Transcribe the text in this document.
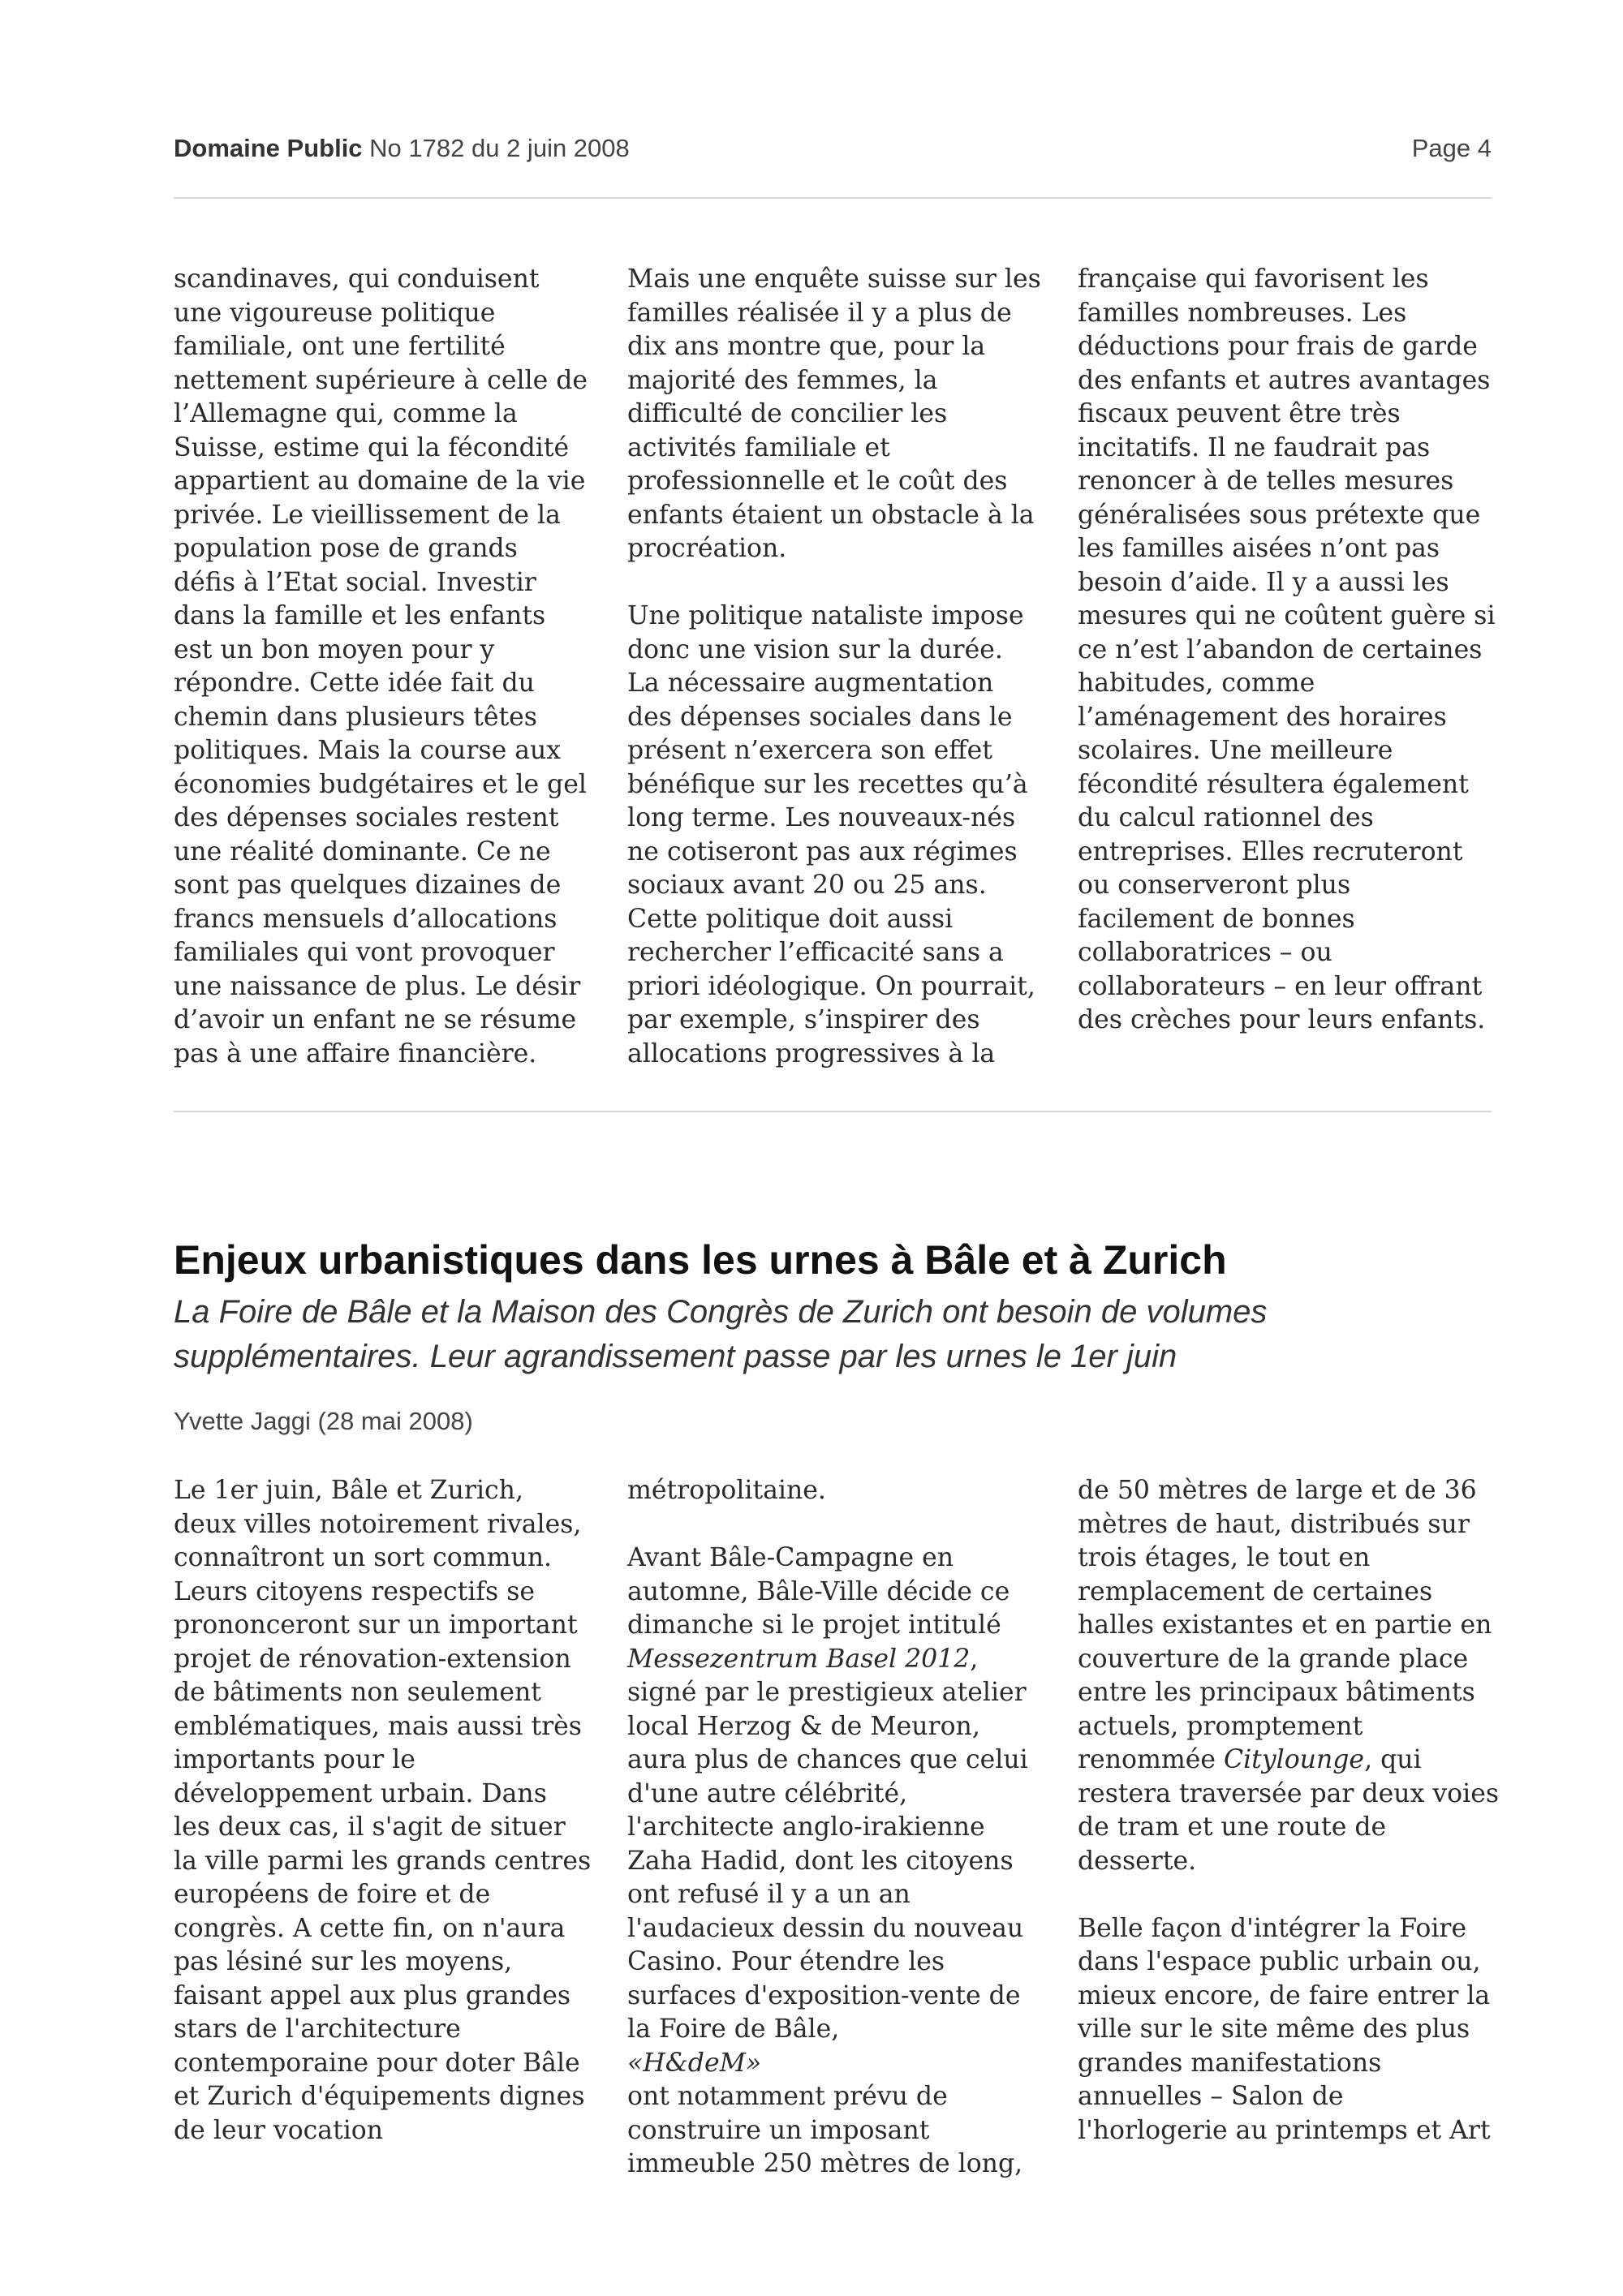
Domaine Public No 1782 du 2 juin 2008	Page 4
scandinaves, qui conduisent
une vigoureuse politique
familiale, ont une fertilité
nettement supérieure à celle de
l’Allemagne qui, comme la
Suisse, estime qui la fécondité
appartient au domaine de la vie
privée. Le vieillissement de la
population pose de grands
défis à l’Etat social. Investir
dans la famille et les enfants
est un bon moyen pour y
répondre. Cette idée fait du
chemin dans plusieurs têtes
politiques. Mais la course aux
économies budgétaires et le gel
des dépenses sociales restent
une réalité dominante. Ce ne
sont pas quelques dizaines de
francs mensuels d’allocations
familiales qui vont provoquer
une naissance de plus. Le désir
d’avoir un enfant ne se résume
pas à une affaire financière.
Mais une enquête suisse sur les
familles réalisée il y a plus de
dix ans montre que, pour la
majorité des femmes, la
difficulté de concilier les
activités familiale et
professionnelle et le coût des
enfants étaient un obstacle à la
procréation.
Une politique nataliste impose
donc une vision sur la durée.
La nécessaire augmentation
des dépenses sociales dans le
présent n’exercera son effet
bénéfique sur les recettes qu’à
long terme. Les nouveaux-nés
ne cotiseront pas aux régimes
sociaux avant 20 ou 25 ans.
Cette politique doit aussi
rechercher l’efficacité sans a
priori idéologique. On pourrait,
par exemple, s’inspirer des
allocations progressives à la
française qui favorisent les
familles nombreuses. Les
déductions pour frais de garde
des enfants et autres avantages
fiscaux peuvent être très
incitatifs. Il ne faudrait pas
renoncer à de telles mesures
généralisées sous prétexte que
les familles aisées n’ont pas
besoin d’aide. Il y a aussi les
mesures qui ne coûtent guère si
ce n’est l’abandon de certaines
habitudes, comme
l’aménagement des horaires
scolaires. Une meilleure
fécondité résultera également
du calcul rationnel des
entreprises. Elles recruteront
ou conserveront plus
facilement de bonnes
collaboratrices – ou
collaborateurs – en leur offrant
des crèches pour leurs enfants.
Enjeux urbanistiques dans les urnes à Bâle et à Zurich
La Foire de Bâle et la Maison des Congrès de Zurich ont besoin de volumes
supplémentaires. Leur agrandissement passe par les urnes le 1er juin
Yvette Jaggi (28 mai 2008)
Le 1er juin, Bâle et Zurich,
deux villes notoirement rivales,
connaîtront un sort commun.
Leurs citoyens respectifs se
prononceront sur un important
projet de rénovation-extension
de bâtiments non seulement
emblématiques, mais aussi très
importants pour le
développement urbain. Dans
les deux cas, il s'agit de situer
la ville parmi les grands centres
européens de foire et de
congrès. A cette fin, on n'aura
pas lésiné sur les moyens,
faisant appel aux plus grandes
stars de l'architecture
contemporaine pour doter Bâle
et Zurich d'équipements dignes
de leur vocation
métropolitaine.
Avant Bâle-Campagne en
automne, Bâle-Ville décide ce
dimanche si le projet intitulé
Messezentrum Basel 2012,
signé par le prestigieux atelier
local Herzog & de Meuron,
aura plus de chances que celui
d'une autre célébrité,
l'architecte anglo-irakienne
Zaha Hadid, dont les citoyens
ont refusé il y a un an
l'audacieux dessin du nouveau
Casino. Pour étendre les
surfaces d'exposition-vente de
la Foire de Bâle,
«H&deM»
ont notamment prévu de
construire un imposant
immeuble 250 mètres de long,
de 50 mètres de large et de 36
mètres de haut, distribués sur
trois étages, le tout en
remplacement de certaines
halles existantes et en partie en
couverture de la grande place
entre les principaux bâtiments
actuels, promptement
renommée Citylounge, qui
restera traversée par deux voies
de tram et une route de
desserte.
Belle façon d'intégrer la Foire
dans l'espace public urbain ou,
mieux encore, de faire entrer la
ville sur le site même des plus
grandes manifestations
annuelles – Salon de
l'horlogerie au printemps et Art
